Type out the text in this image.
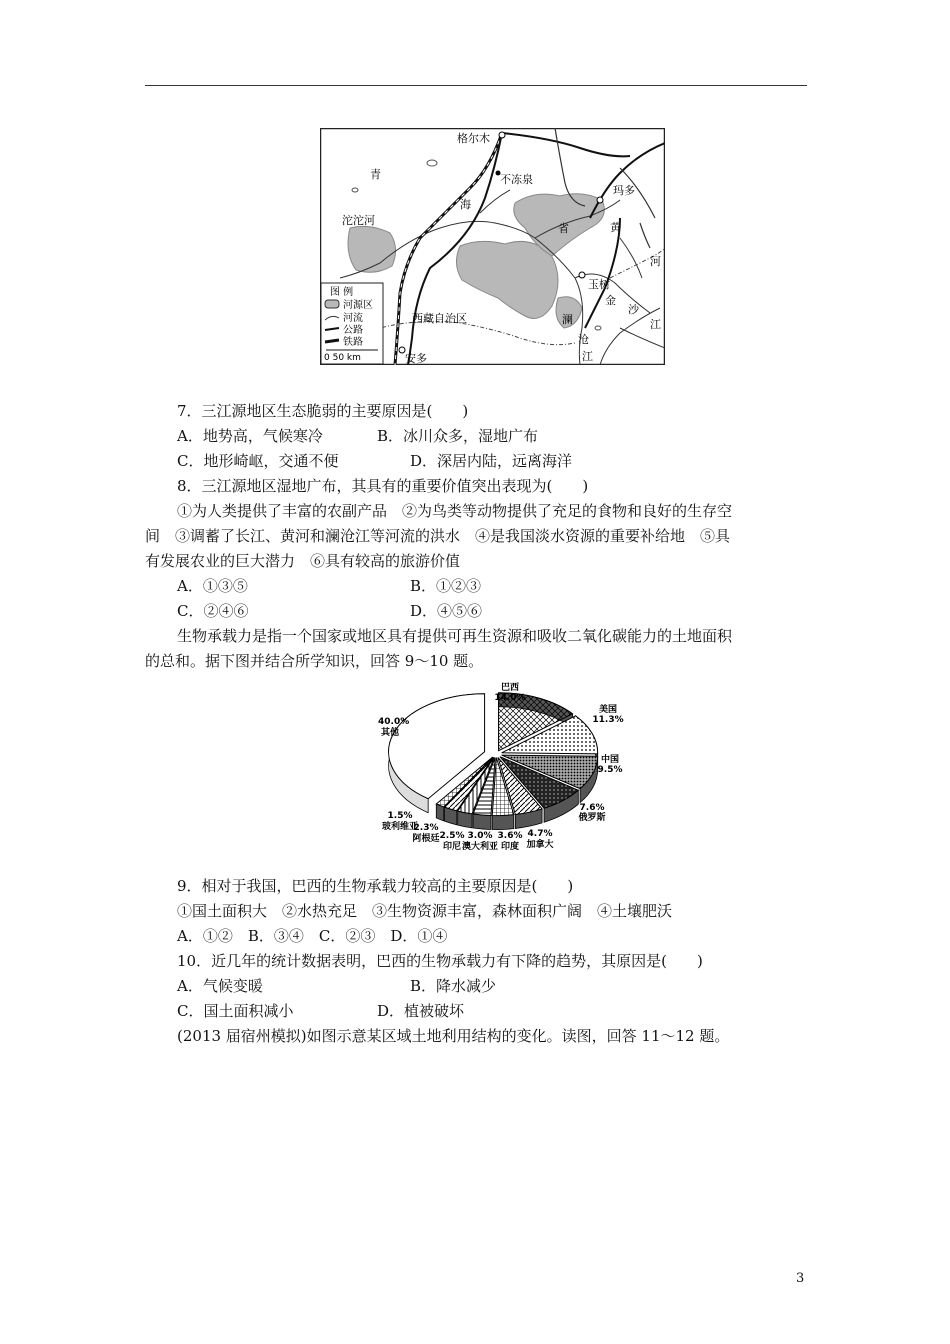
格尔木
青
海
省
不冻泉
沱沱河
玛多
黄
河
玉树
金
沙
江
澜
沧
江
西藏自治区
安多
图 例
河源区
河流
公路
铁路
0 50 km
7．三江源地区生态脆弱的主要原因是(　　)
A．地势高，气候寒冷	B．冰川众多，湿地广布
C．地形崎岖，交通不便	D．深居内陆，远离海洋
8．三江源地区湿地广布，其具有的重要价值突出表现为(　　)
①为人类提供了丰富的农副产品　②为鸟类等动物提供了充足的食物和良好的生存空
间　③调蓄了长江、黄河和澜沧江等河流的洪水　④是我国淡水资源的重要补给地　⑤具
有发展农业的巨大潜力　⑥具有较高的旅游价值
A．①③⑤	B．①②③
C．②④⑥	D．④⑤⑥
生物承载力是指一个国家或地区具有提供可再生资源和吸收二氧化碳能力的土地面积
的总和。据下图并结合所学知识，回答 9～10 题。
其他
40.0%
巴西
14.0%
美国
11.3%
中国
9.5%
俄罗斯
7.6%
加拿大
4.7%
印度
3.6%
澳大利亚
3.0%
印尼
2.5%
阿根廷
2.3%
玻利维亚
1.5%
9．相对于我国，巴西的生物承载力较高的主要原因是(　　)
①国土面积大　②水热充足　③生物资源丰富，森林面积广阔　④土壤肥沃
A．①②　B．③④　C．②③　D．①④
10．近几年的统计数据表明，巴西的生物承载力有下降的趋势，其原因是(　　)
A．气候变暖	B．降水减少
C．国土面积减小	D．植被破坏
(2013 届宿州模拟)如图示意某区域土地利用结构的变化。读图，回答 11～12 题。
3
